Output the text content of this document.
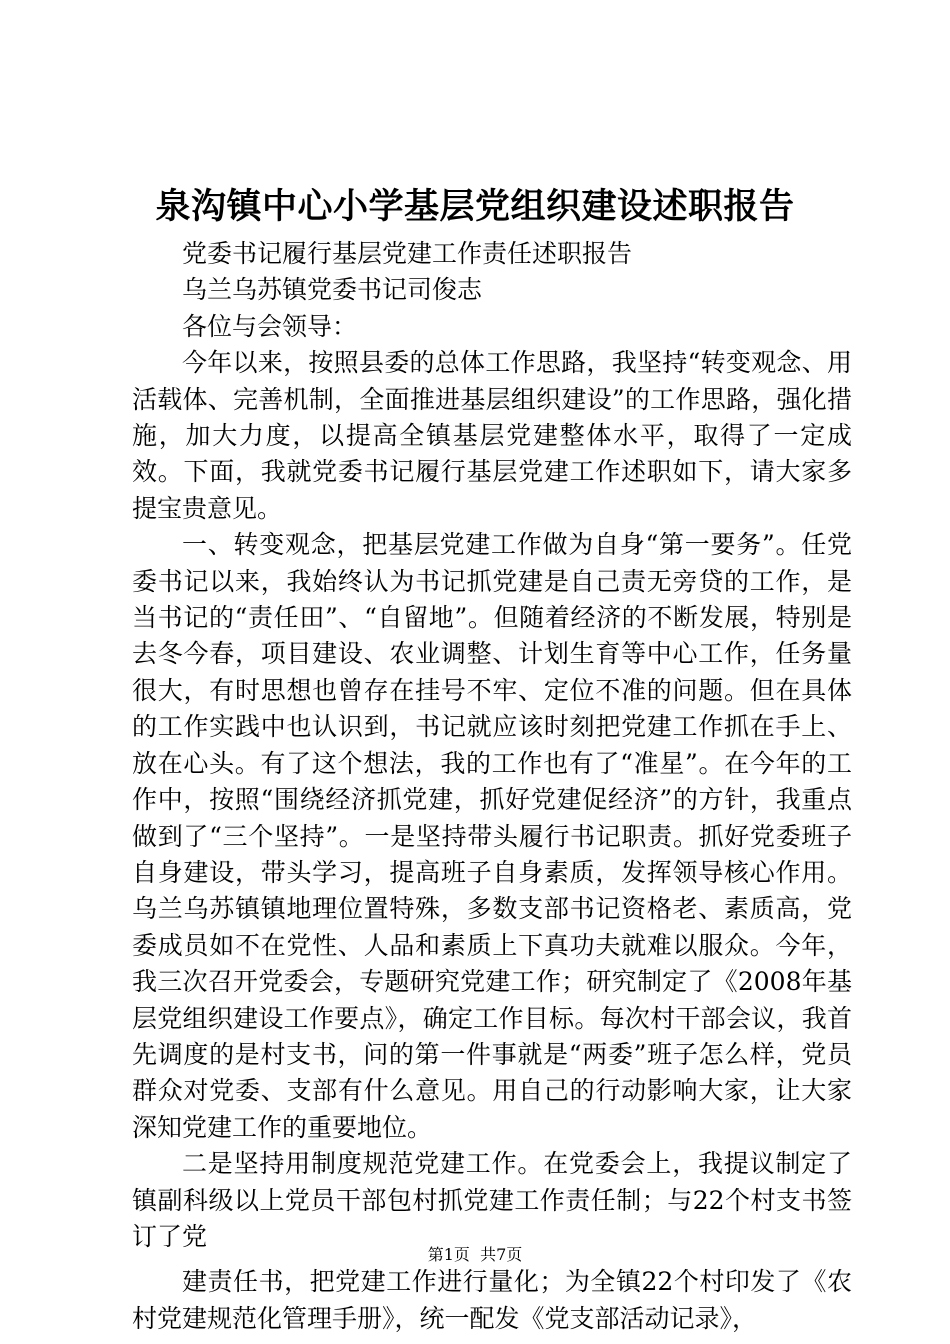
泉沟镇中心小学基层党组织建设述职报告

党委书记履行基层党建工作责任述职报告

乌兰乌苏镇党委书记司俊志

各位与会领导：

今年以来，按照县委的总体工作思路，我坚持“转变观念、用活载体、完善机制，全面推进基层组织建设”的工作思路，强化措施，加大力度，以提高全镇基层党建整体水平，取得了一定成效。下面，我就党委书记履行基层党建工作述职如下，请大家多提宝贵意见。

一、转变观念，把基层党建工作做为自身“第一要务”。任党委书记以来，我始终认为书记抓党建是自己责无旁贷的工作，是当书记的“责任田”、“自留地”。但随着经济的不断发展，特别是去冬今春，项目建设、农业调整、计划生育等中心工作，任务量很大，有时思想也曾存在挂号不牢、定位不准的问题。但在具体的工作实践中也认识到，书记就应该时刻把党建工作抓在手上、放在心头。有了这个想法，我的工作也有了“准星”。在今年的工作中，按照“围绕经济抓党建，抓好党建促经济”的方针，我重点做到了“三个坚持”。一是坚持带头履行书记职责。抓好党委班子自身建设，带头学习，提高班子自身素质，发挥领导核心作用。乌兰乌苏镇镇地理位置特殊，多数支部书记资格老、素质高，党委成员如不在党性、人品和素质上下真功夫就难以服众。今年，我三次召开党委会，专题研究党建工作；研究制定了《2008年基层党组织建设工作要点》，确定工作目标。每次村干部会议，我首先调度的是村支书，问的第一件事就是“两委”班子怎么样，党员群众对党委、支部有什么意见。用自己的行动影响大家，让大家深知党建工作的重要地位。

二是坚持用制度规范党建工作。在党委会上，我提议制定了镇副科级以上党员干部包村抓党建工作责任制；与22个村支书签订了党

建责任书，把党建工作进行量化；为全镇22个村印发了《农村党建规范化管理手册》，统一配发《党支部活动记录》，

第1页 共7页
